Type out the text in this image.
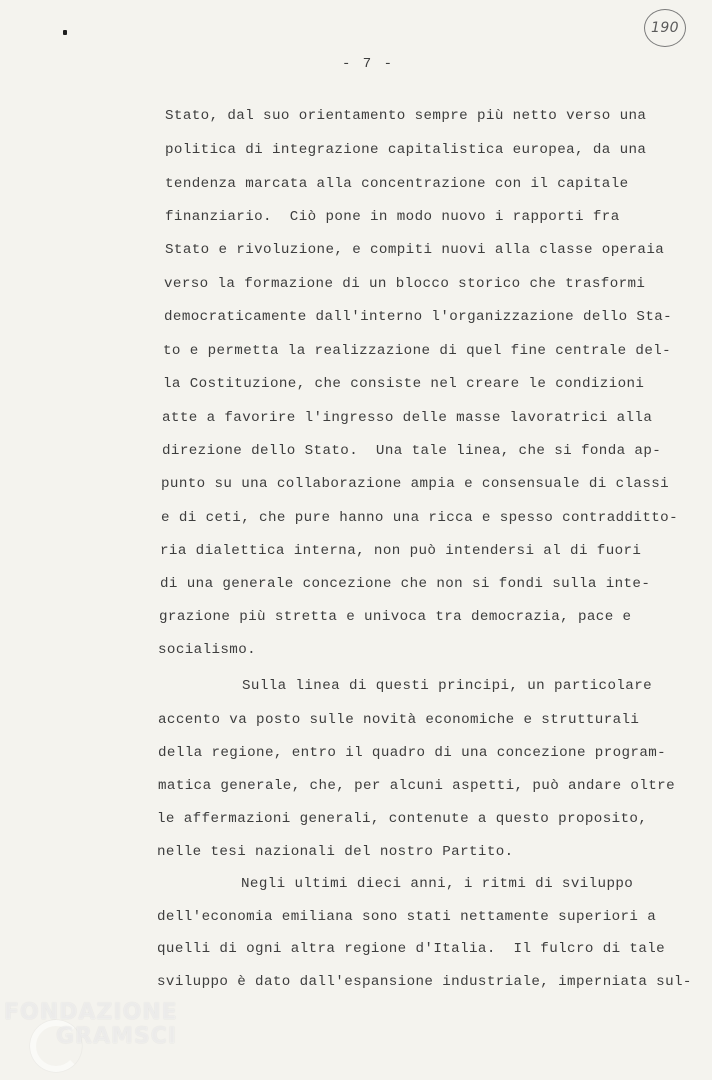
190
- 7 -
Stato, dal suo orientamento sempre più netto verso una
politica di integrazione capitalistica europea, da una
tendenza marcata alla concentrazione con il capitale
finanziario.  Ciò pone in modo nuovo i rapporti fra
Stato e rivoluzione, e compiti nuovi alla classe operaia
verso la formazione di un blocco storico che trasformi
democraticamente dall'interno l'organizzazione dello Sta-
to e permetta la realizzazione di quel fine centrale del-
la Costituzione, che consiste nel creare le condizioni
atte a favorire l'ingresso delle masse lavoratrici alla
direzione dello Stato.  Una tale linea, che si fonda ap-
punto su una collaborazione ampia e consensuale di classi
e di ceti, che pure hanno una ricca e spesso contradditto-
ria dialettica interna, non può intendersi al di fuori
di una generale concezione che non si fondi sulla inte-
grazione più stretta e univoca tra democrazia, pace e
socialismo.
Sulla linea di questi principi, un particolare
accento va posto sulle novità economiche e strutturali
della regione, entro il quadro di una concezione program-
matica generale, che, per alcuni aspetti, può andare oltre
le affermazioni generali, contenute a questo proposito,
nelle tesi nazionali del nostro Partito.
Negli ultimi dieci anni, i ritmi di sviluppo
dell'economia emiliana sono stati nettamente superiori a
quelli di ogni altra regione d'Italia.  Il fulcro di tale
sviluppo è dato dall'espansione industriale, imperniata sul-
FONDAZIONE
GRAMSCI
